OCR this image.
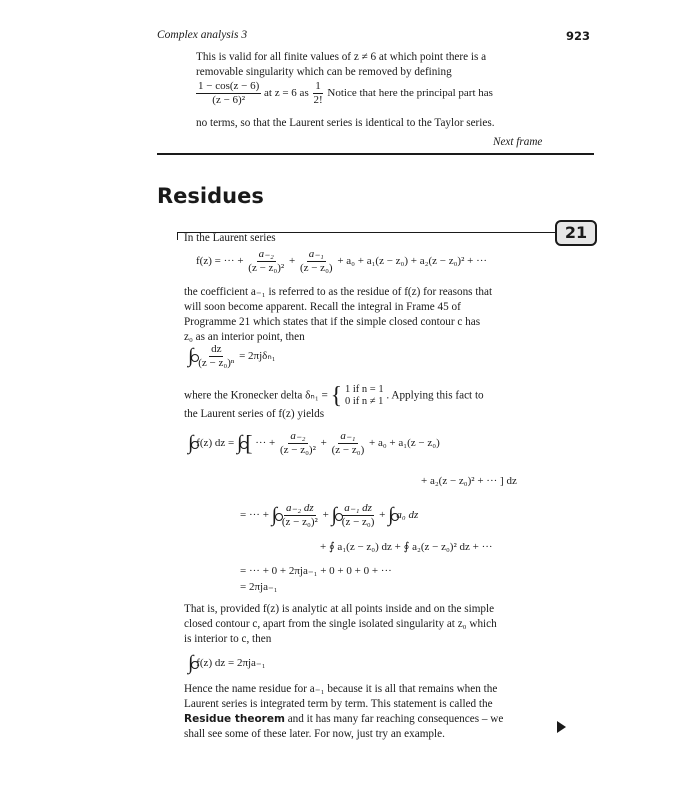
Complex analysis 3	923
This is valid for all finite values of z ≠ 6 at which point there is a
removable singularity which can be removed by defining
$\frac{1 - \cos(z - 6)}{\text{(z − 6)²}}$ at z = 6 as $\frac{1}{2!}$ Notice that here the principal part has
no terms, so that the Laurent series is identical to the Taylor series.
Next frame
Residues
21
In the Laurent series
f(z) = ··· + $\frac{\text{a₋₂}}{\text{(z − z₀)²}} + \frac{\text{a₋₁}}{\text{(z − z₀)}} + a_0 + a_1(z - z_0) + a_2(z - z_0)^2$ + ···
the coefficient a₋₁ is referred to as the residue of f(z) for reasons that
will soon become apparent. Recall the integral in Frame 45 of
Programme 21 which states that if the simple closed contour c has
z₀ as an interior point, then
∫ $\frac{dz}{\text{(z − z₀)ⁿ}} = 2\pi j\delta_{n1}$
where the Kronecker delta δₙ₁ = { 1 if n = 1
0 if n ≠ 1 . Applying this fact to
the Laurent series of f(z) yields
∫ f(z) dz = ∫ [ ··· + $\frac{\text{a₋₂}}{\text{(z − z₀)²}} + \frac{\text{a₋₁}}{\text{(z − z₀)}} + a_0 + a_1(z - z_0)$
+ a₂(z − z₀)² + ··· ] dz
= ··· + ∫ $\frac{\text{a₋₂ dz}}{\text{(z − z₀)²}}$ + ∫ $\frac{\text{a₋₁ dz}}{\text{(z − z₀)}}$ + ∫ a₀ dz
+ ∮ a₁(z − z₀) dz + ∮ a₂(z − z₀)² dz + ···
= ··· + 0 + 2πja₋₁ + 0 + 0 + 0 + ···
= 2πja₋₁
That is, provided f(z) is analytic at all points inside and on the simple
closed contour c, apart from the single isolated singularity at z₀ which
is interior to c, then
∫ f(z) dz = 2πja₋₁
Hence the name residue for a₋₁ because it is all that remains when the
Laurent series is integrated term by term. This statement is called the
Residue theorem and it has many far reaching consequences – we
shall see some of these later. For now, just try an example.
